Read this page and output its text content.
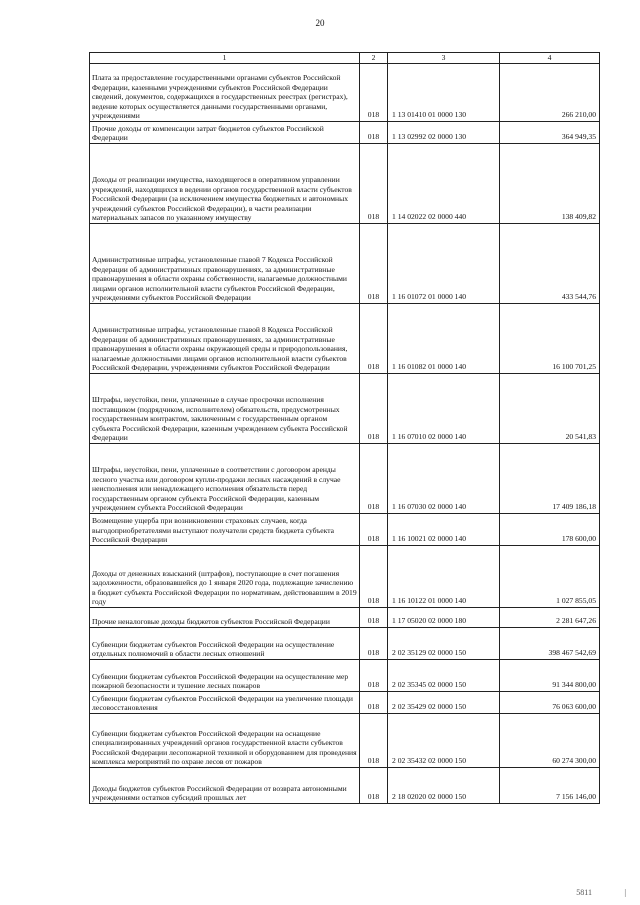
20
1	2	3	4
Плата за предоставление государственными органами субъектов Российской Федерации, казенными учреждениями субъектов Российской Федерации сведений, документов, содержащихся в государственных реестрах (регистрах), ведение которых осуществляется данными государственными органами, учреждениями	018	1 13 01410 01 0000 130	266 210,00
Прочие доходы от компенсации затрат бюджетов субъектов Российской Федерации	018	1 13 02992 02 0000 130	364 949,35
Доходы от реализации имущества, находящегося в оперативном управлении учреждений, находящихся в ведении органов государственной власти субъектов Российской Федерации (за исключением имущества бюджетных и автономных учреждений субъектов Российской Федерации), в части реализации материальных запасов по указанному имуществу	018	1 14 02022 02 0000 440	138 409,82
Административные штрафы, установленные главой 7 Кодекса Российской Федерации об административных правонарушениях, за административные правонарушения в области охраны собственности, налагаемые должностными лицами органов исполнительной власти субъектов Российской Федерации, учреждениями субъектов Российской Федерации	018	1 16 01072 01 0000 140	433 544,76
Административные штрафы, установленные главой 8 Кодекса Российской Федерации об административных правонарушениях, за административные правонарушения в области охраны окружающей среды и природопользования, налагаемые должностными лицами органов исполнительной власти субъектов Российской Федерации, учреждениями субъектов Российской Федерации	018	1 16 01082 01 0000 140	16 100 701,25
Штрафы, неустойки, пени, уплаченные в случае просрочки исполнения поставщиком (подрядчиком, исполнителем) обязательств, предусмотренных государственным контрактом, заключенным с государственным органом субъекта Российской Федерации, казенным учреждением субъекта Российской Федерации	018	1 16 07010 02 0000 140	20 541,83
Штрафы, неустойки, пени, уплаченные в соответствии с договором аренды лесного участка или договором купли-продажи лесных насаждений в случае неисполнения или ненадлежащего исполнения обязательств перед государственным органом субъекта Российской Федерации, казенным учреждением субъекта Российской Федерации	018	1 16 07030 02 0000 140	17 409 186,18
Возмещение ущерба при возникновении страховых случаев, когда выгодоприобретателями выступают получатели средств бюджета субъекта Российской Федерации	018	1 16 10021 02 0000 140	178 600,00
Доходы от денежных взысканий (штрафов), поступающие в счет погашения задолженности, образовавшейся до 1 января 2020 года, подлежащие зачислению в бюджет субъекта Российской Федерации по нормативам, действовавшим в 2019 году	018	1 16 10122 01 0000 140	1 027 855,05
Прочие неналоговые доходы бюджетов субъектов Российской Федерации	018	1 17 05020 02 0000 180	2 281 647,26
Субвенции бюджетам субъектов Российской Федерации на осуществление отдельных полномочий в области лесных отношений	018	2 02 35129 02 0000 150	398 467 542,69
Субвенции бюджетам субъектов Российской Федерации на осуществление мер пожарной безопасности и тушение лесных пожаров	018	2 02 35345 02 0000 150	91 344 800,00
Субвенции бюджетам субъектов Российской Федерации на увеличение площади лесовосстановления	018	2 02 35429 02 0000 150	76 063 600,00
Субвенции бюджетам субъектов Российской Федерации на оснащение специализированных учреждений органов государственной власти субъектов Российской Федерации лесопожарной техникой и оборудованием для проведения комплекса мероприятий по охране лесов от пожаров	018	2 02 35432 02 0000 150	60 274 300,00
Доходы бюджетов субъектов Российской Федерации от возврата автономными учреждениями остатков субсидий прошлых лет	018	2 18 02020 02 0000 150	7 156 146,00
5811	|
